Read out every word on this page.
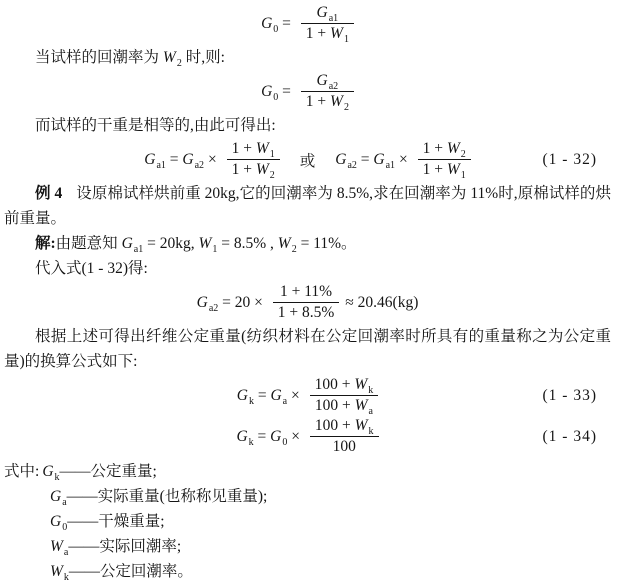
$G_0 = \frac{G_{a1}}{1 + W_1}$

当试样的回潮率为 $W_2$ 时,则:

$G_0 = \frac{G_{a2}}{1 + W_2}$

而试样的干重是相等的,由此可得出:

$G_{a1} = G_{a2} \times \frac{1 + W_1}{1 + W_2}$ 或 $G_{a2} = G_{a1} \times \frac{1 + W_2}{1 + W_1}$	(1 - 32)

例 4 设原棉试样烘前重 20kg,它的回潮率为 8.5%,求在回潮率为 11%时,原棉试样的烘前重量。

解:由题意知 $G_{a1} = 20kg$, $W_1 = 8.5\%$ , $W_2 = 11\%$。

代入式(1 - 32)得:

$G_{a2} = 20 \times \frac{1 + 11\%}{1 + 8.5\%} \approx 20.46(kg)$

根据上述可得出纤维公定重量(纺织材料在公定回潮率时所具有的重量称之为公定重量)的换算公式如下:

$G_k = G_a \times \frac{100 + W_k}{100 + W_a}$	(1 - 33)
$G_k = G_0 \times \frac{100 + W_k}{100}$	(1 - 34)
式中: $G_k——$公定重量;
$G_a——$实际重量(也称称见重量);
$G_0——$干燥重量;
$W_a——$实际回潮率;
$W_k——$公定回潮率。
